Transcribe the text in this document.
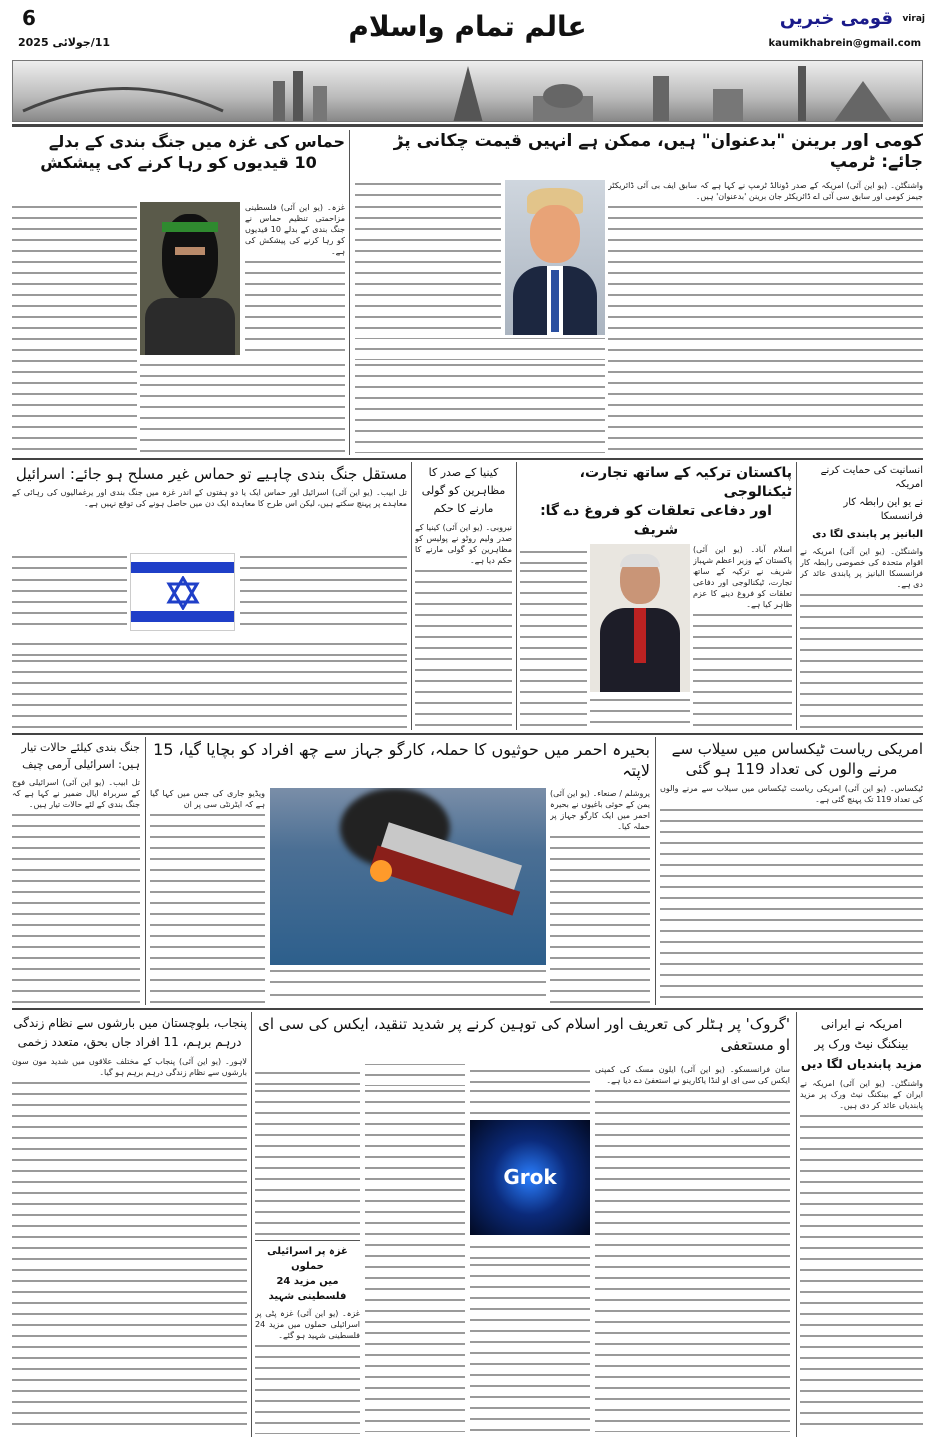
6
11/جولائی 2025	عالم تمام واسلام	قومی خبریں viraj
kaumikhabrein@gmail.com
کومی اور برینن "بدعنوان" ہیں، ممکن ہے انہیں قیمت چکانی پڑ جائے: ٹرمپ
واشنگٹن۔ (یو این آئی) امریکہ کے صدر ڈونالڈ ٹرمپ نے کہا ہے کہ سابق ایف بی آئی ڈائریکٹر جیمز کومی اور سابق سی آئی اے ڈائریکٹر جان برینن 'بدعنوان' ہیں۔
حماس کی غزہ میں جنگ بندی کے بدلے
10 قیدیوں کو رہا کرنے کی پیشکش
غزہ۔ (یو این آئی) فلسطینی مزاحمتی تنظیم حماس نے جنگ بندی کے بدلے 10 قیدیوں کو رہا کرنے کی پیشکش کی ہے۔
انسانیت کی حمایت کرنے امریکہ
نے یو این رابطہ کار فرانسسکا
البانیز پر پابندی لگا دی
واشنگٹن۔ (یو این آئی) امریکہ نے اقوام متحدہ کی خصوصی رابطہ کار فرانسسکا البانیز پر پابندی عائد کر دی ہے۔
پاکستان ترکیہ کے ساتھ تجارت، ٹیکنالوجی
اور دفاعی تعلقات کو فروغ دے گا: شریف
اسلام آباد۔ (یو این آئی) پاکستان کے وزیر اعظم شہباز شریف نے ترکیہ کے ساتھ تجارت، ٹیکنالوجی اور دفاعی تعلقات کو فروغ دینے کا عزم ظاہر کیا ہے۔
کینیا کے صدر کا مظاہرین کو گولی مارنے کا حکم
نیروبی۔ (یو این آئی) کینیا کے صدر ولیم روٹو نے پولیس کو مظاہرین کو گولی مارنے کا حکم دیا ہے۔
مستقل جنگ بندی چاہیے تو حماس غیر مسلح ہو جائے: اسرائیل
تل ابیب۔ (یو این آئی) اسرائیل اور حماس ایک یا دو ہفتوں کے اندر غزہ میں جنگ بندی اور یرغمالیوں کی رہائی کے معاہدے پر پہنچ سکتے ہیں، لیکن اس طرح کا معاہدہ ایک دن میں حاصل ہونے کی توقع نہیں ہے۔
امریکی ریاست ٹیکساس میں سیلاب سے
مرنے والوں کی تعداد 119 ہو گئی
ٹیکساس۔ (یو این آئی) امریکی ریاست ٹیکساس میں سیلاب سے مرنے والوں کی تعداد 119 تک پہنچ گئی ہے۔
بحیرہ احمر میں حوثیوں کا حملہ، کارگو جہاز سے چھ افراد کو بچایا گیا، 15 لاپتہ
یروشلم / صنعاء۔ (یو این آئی) یمن کے حوثی باغیوں نے بحیرہ احمر میں ایک کارگو جہاز پر حملہ کیا۔
ویڈیو جاری کی جس میں کہا گیا ہے کہ ایٹرنٹی سی پر ان
جنگ بندی کیلئے حالات تیار
ہیں: اسرائیلی آرمی چیف
تل ابیب۔ (یو این آئی) اسرائیلی فوج کے سربراہ ایال ضمیر نے کہا ہے کہ جنگ بندی کے لئے حالات تیار ہیں۔
امریکہ نے ایرانی
بینکنگ نیٹ ورک پر
مزید پابندیاں لگا دیں
واشنگٹن۔ (یو این آئی) امریکہ نے ایران کے بینکنگ نیٹ ورک پر مزید پابندیاں عائد کر دی ہیں۔
'گروک' پر ہٹلر کی تعریف اور اسلام کی توہین کرنے پر شدید تنقید، ایکس کی سی ای او مستعفی
سان فرانسسکو۔ (یو این آئی) ایلون مسک کی کمپنی ایکس کی سی ای او لنڈا یاکارینو نے استعفیٰ دے دیا ہے۔
Grok
غزہ پر اسرائیلی حملوں
میں مزید 24 فلسطینی شہید
غزہ۔ (یو این آئی) غزہ پٹی پر اسرائیلی حملوں میں مزید 24 فلسطینی شہید ہو گئے۔
پنجاب، بلوچستان میں بارشوں سے نظام زندگی
درہم برہم، 11 افراد جاں بحق، متعدد زخمی
لاہور۔ (یو این آئی) پنجاب کے مختلف علاقوں میں شدید مون سون بارشوں سے نظام زندگی درہم برہم ہو گیا۔
